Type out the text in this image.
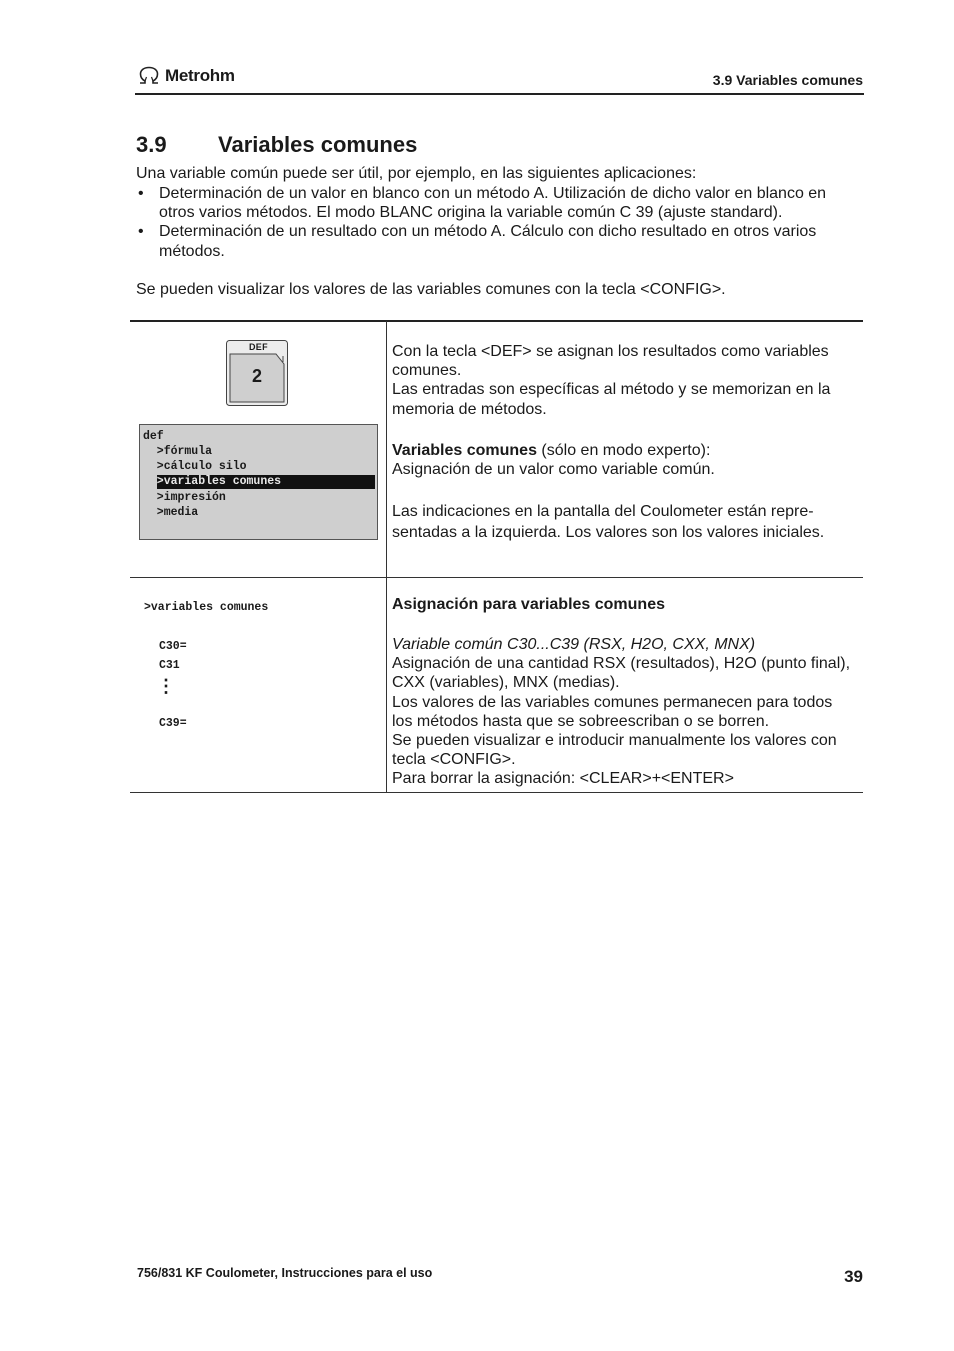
Metrohm	3.9 Variables comunes
3.9 Variables comunes
Una variable común puede ser útil, por ejemplo, en las siguientes aplicaciones:
• Determinación de un valor en blanco con un método A. Utilización de dicho valor en blanco en otros varios métodos. El modo BLANC origina la variable común C 39 (ajuste standard).
• Determinación de un resultado con un método A. Cálculo con dicho resultado en otros varios métodos.
Se pueden visualizar los valores de las variables comunes con la tecla <CONFIG>.
DEF
2
def
>fórmula
>cálculo silo
>variables comunes
>impresión
>media

Con la tecla <DEF> se asignan los resultados como variables comunes.

Las entradas son específicas al método y se memorizan en la memoria de métodos.

Variables comunes (sólo en modo experto):

Asignación de un valor como variable común.

Las indicaciones en la pantalla del Coulometer están repre-sentadas a la izquierda. Los valores son los valores iniciales.

>variables comunes
C30=
C31
⋮
C39=
Asignación para variables comunes

Variable común C30...C39 (RSX, H2O, CXX, MNX)

Asignación de una cantidad RSX (resultados), H2O (punto final), CXX (variables), MNX (medias).

Los valores de las variables comunes permanecen para todos los métodos hasta que se sobreescriban o se borren.

Se pueden visualizar e introducir manualmente los valores con tecla <CONFIG>.

Para borrar la asignación: <CLEAR>+<ENTER>

756/831 KF Coulometer, Instrucciones para el uso	39
